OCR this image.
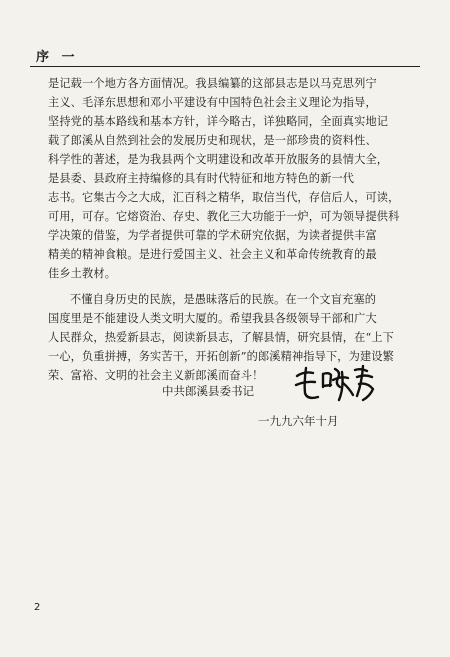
序 一
是记载一个地方各方面情况。我县编纂的这部县志是以马克思列宁
主义、毛泽东思想和邓小平建设有中国特色社会主义理论为指导，
坚持党的基本路线和基本方针，详今略古，详独略同，全面真实地记
载了郎溪从自然到社会的发展历史和现状，是一部珍贵的资料性、
科学性的著述，是为我县两个文明建设和改革开放服务的县情大全，
是县委、县政府主持编修的具有时代特征和地方特色的新一代
志书。它集古今之大成，汇百科之精华，取信当代，存信后人，可读，
可用，可存。它熔资治、存史、教化三大功能于一炉，可为领导提供科
学决策的借鉴，为学者提供可靠的学术研究依据，为读者提供丰富
精美的精神食粮。是进行爱国主义、社会主义和革命传统教育的最
佳乡土教材。
不懂自身历史的民族，是愚昧落后的民族。在一个文盲充塞的
国度里是不能建设人类文明大厦的。希望我县各级领导干部和广大
人民群众，热爱新县志，阅读新县志，了解县情，研究县情，在“上下
一心，负重拼搏，务实苦干，开拓创新”的郎溪精神指导下，为建设繁
荣、富裕、文明的社会主义新郎溪而奋斗！
中共郎溪县委书记
一九九六年十月
2
